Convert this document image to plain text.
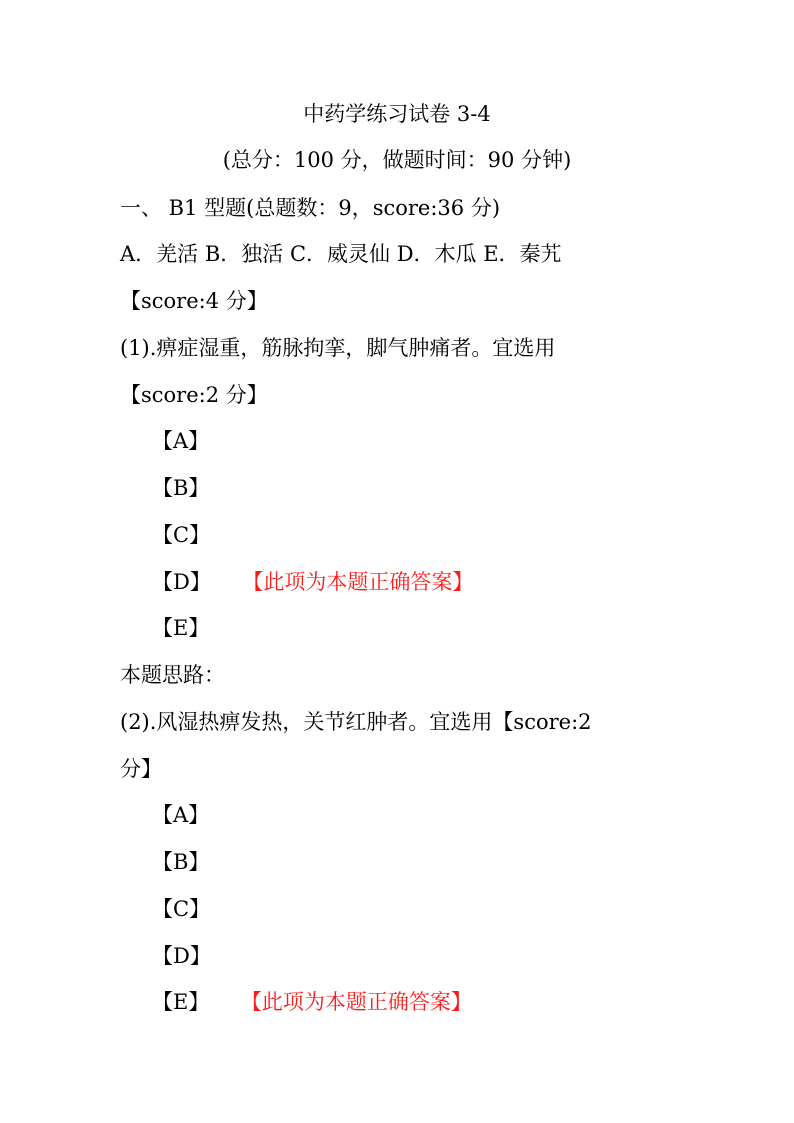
中药学练习试卷 3-4
(总分：100 分，做题时间：90 分钟)
一、 B1 型题(总题数：9，score:36 分)
A．羌活 B．独活 C．威灵仙 D．木瓜 E．秦艽
【score:4 分】
(1).痹症湿重，筋脉拘挛，脚气肿痛者。宜选用
【score:2 分】
【A】
【B】
【C】
【D】 【此项为本题正确答案】
【E】
本题思路：
(2).风湿热痹发热，关节红肿者。宜选用【score:2
分】
【A】
【B】
【C】
【D】
【E】 【此项为本题正确答案】
